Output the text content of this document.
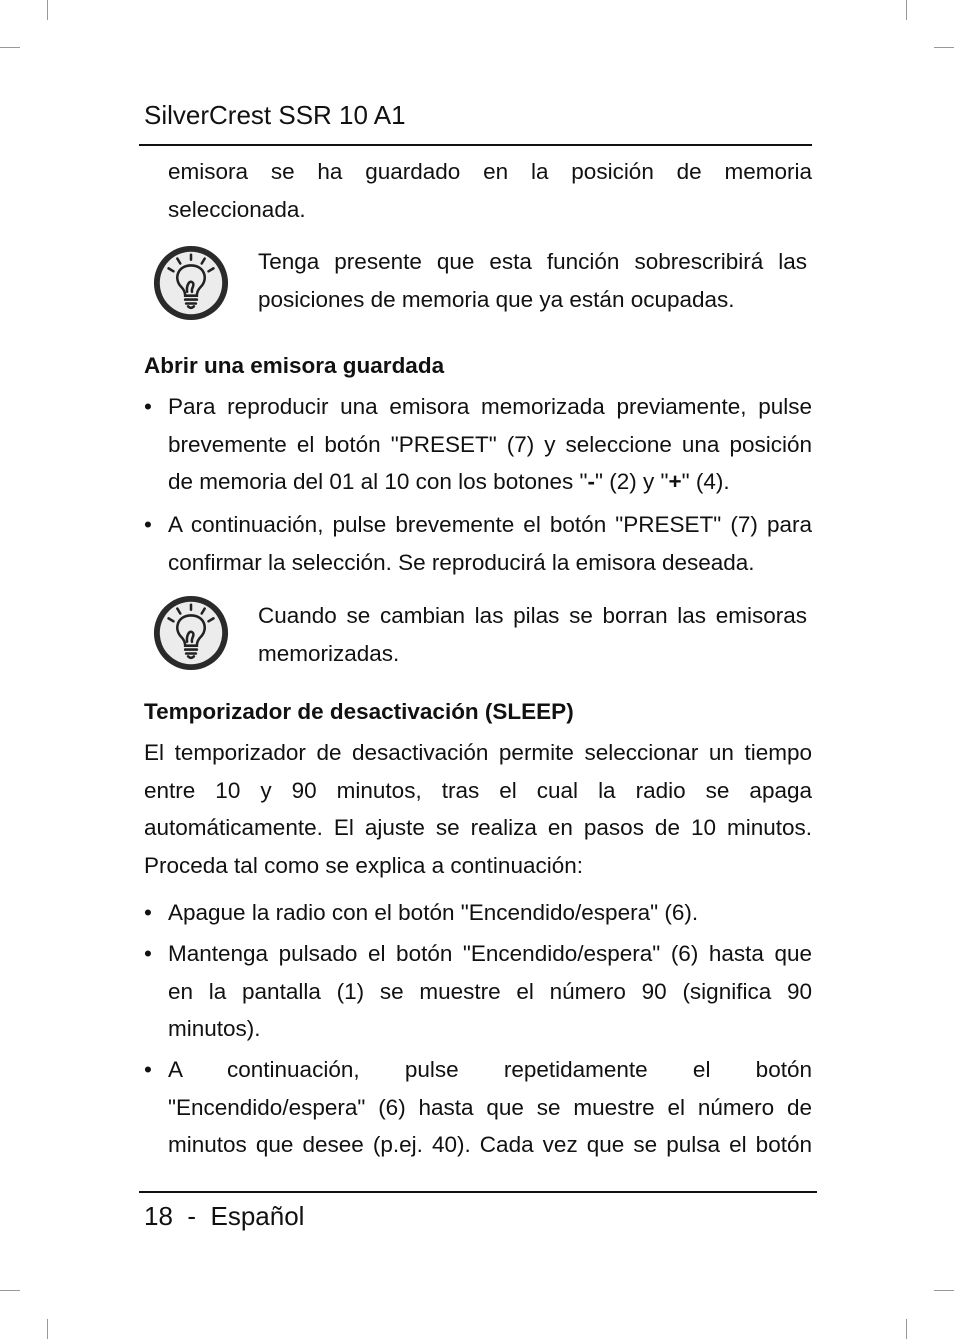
SilverCrest SSR 10 A1

emisora se ha guardado en la posición de memoria seleccionada.

Tenga presente que esta función sobrescribirá las posiciones de memoria que ya están ocupadas.

Abrir una emisora guardada
• Para reproducir una emisora memorizada previamente, pulse brevemente el botón "PRESET" (7) y seleccione una posición de memoria del 01 al 10 con los botones "-" (2) y "+" (4).
• A continuación, pulse brevemente el botón "PRESET" (7) para confirmar la selección. Se reproducirá la emisora deseada.

Cuando se cambian las pilas se borran las emisoras memorizadas.

Temporizador de desactivación (SLEEP)

El temporizador de desactivación permite seleccionar un tiempo entre 10 y 90 minutos, tras el cual la radio se apaga automáticamente. El ajuste se realiza en pasos de 10 minutos. Proceda tal como se explica a continuación:

• Apague la radio con el botón "Encendido/espera" (6).
• Mantenga pulsado el botón "Encendido/espera" (6) hasta que en la pantalla (1) se muestre el número 90 (significa 90 minutos).
• A continuación, pulse repetidamente el botón "Encendido/espera" (6) hasta que se muestre el número de minutos que desee (p.ej. 40). Cada vez que se pulsa el botón
18 - Español
